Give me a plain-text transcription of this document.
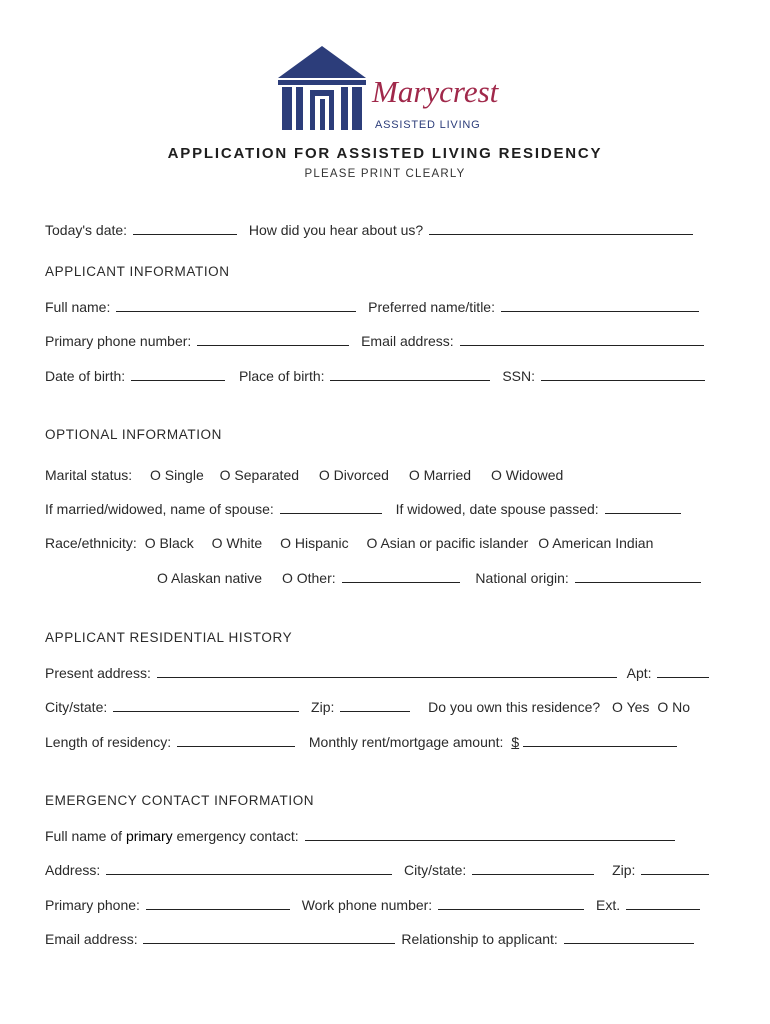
Marycrest
ASSISTED LIVING
APPLICATION FOR ASSISTED LIVING RESIDENCY
PLEASE PRINT CLEARLY
Today's date:	How did you hear about us?
APPLICANT INFORMATION
Full name:	Preferred name/title:
Primary phone number:	Email address:
Date of birth:	Place of birth:	SSN:
OPTIONAL INFORMATION
Marital status: O Single O Separated O Divorced O Married O Widowed
If married/widowed, name of spouse:	If widowed, date spouse passed:
Race/ethnicity: O Black O White O Hispanic O Asian or pacific islander O American Indian
O Alaskan native O Other:	National origin:
APPLICANT RESIDENTIAL HISTORY
Present address:	Apt:
City/state:	Zip:	Do you own this residence? O Yes O No
Length of residency:	Monthly rent/mortgage amount: $
EMERGENCY CONTACT INFORMATION
Full name of primary emergency contact:
Address:	City/state:	Zip:
Primary phone:	Work phone number:	Ext.
Email address:	Relationship to applicant:
